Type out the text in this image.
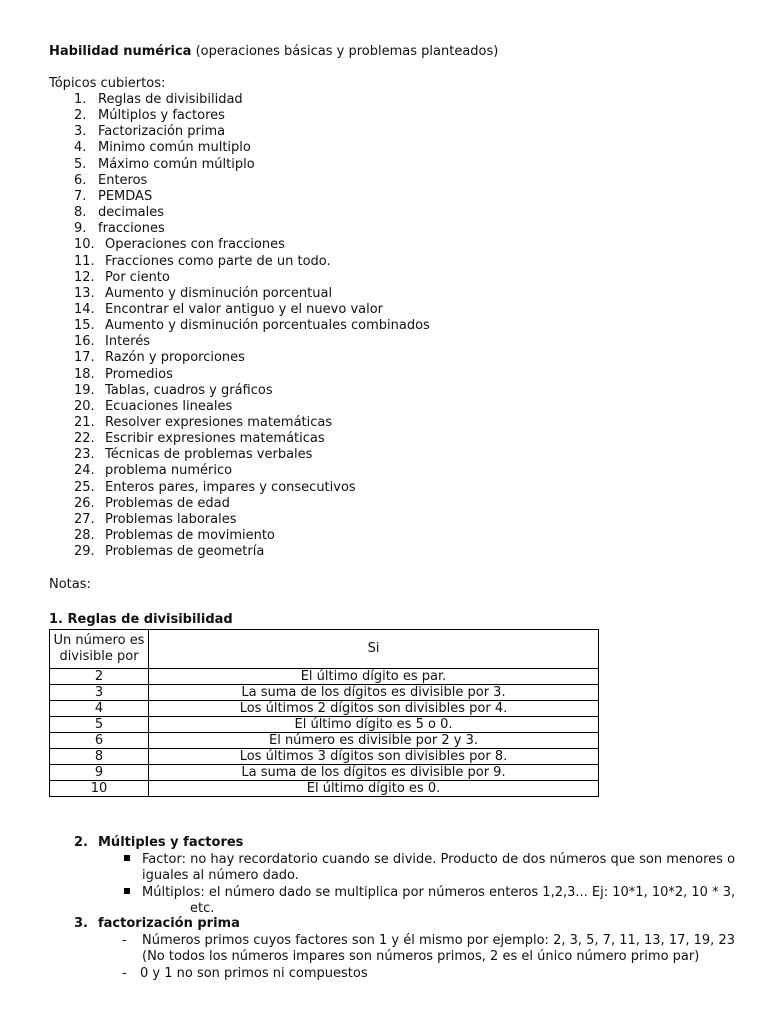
Habilidad numérica (operaciones básicas y problemas planteados)
Tópicos cubiertos:
1. Reglas de divisibilidad
2. Múltiplos y factores
3. Factorización prima
4. Minimo común multiplo
5. Máximo común múltiplo
6. Enteros
7. PEMDAS
8. decimales
9. fracciones
10. Operaciones con fracciones
11. Fracciones como parte de un todo.
12. Por ciento
13. Aumento y disminución porcentual
14. Encontrar el valor antiguo y el nuevo valor
15. Aumento y disminución porcentuales combinados
16. Interés
17. Razón y proporciones
18. Promedios
19. Tablas, cuadros y gráficos
20. Ecuaciones lineales
21. Resolver expresiones matemáticas
22. Escribir expresiones matemáticas
23. Técnicas de problemas verbales
24. problema numérico
25. Enteros pares, impares y consecutivos
26. Problemas de edad
27. Problemas laborales
28. Problemas de movimiento
29. Problemas de geometría
Notas:
1. Reglas de divisibilidad
Un número es divisible por	Si
2	El último dígito es par.
3	La suma de los dígitos es divisible por 3.
4	Los últimos 2 dígitos son divisibles por 4.
5	El último dígito es 5 o 0.
6	El número es divisible por 2 y 3.
8	Los últimos 3 dígitos son divisibles por 8.
9	La suma de los dígitos es divisible por 9.
10	El último dígito es 0.
2. Múltiples y factores
Factor: no hay recordatorio cuando se divide. Producto de dos números que son menores o
iguales al número dado.
Múltiplos: el número dado se multiplica por números enteros 1,2,3... Ej: 10*1, 10*2, 10 * 3,
etc.
3. factorización prima
- Números primos cuyos factores son 1 y él mismo por ejemplo: 2, 3, 5, 7, 11, 13, 17, 19, 23
(No todos los números impares son números primos, 2 es el único número primo par)
- 0 y 1 no son primos ni compuestos
